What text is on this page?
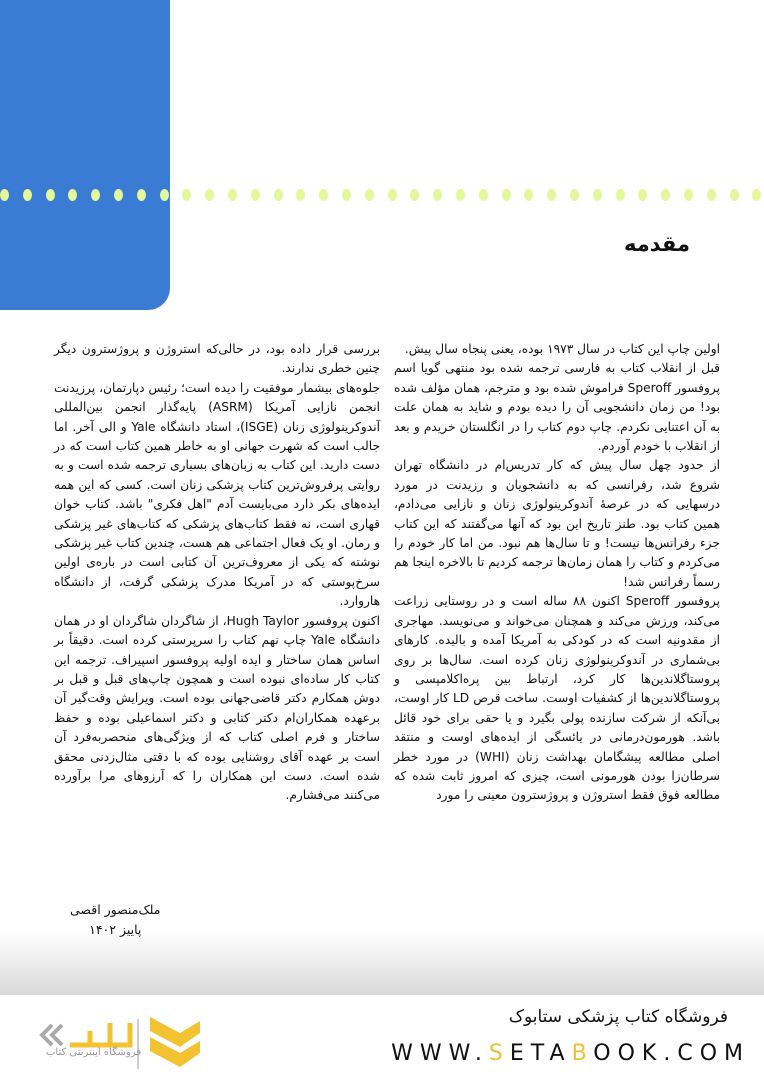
مقدمه

اولین چاپ این کتاب در سال ۱۹۷۳ بوده، یعنی پنجاه سال پیش.

قبل از انقلاب کتاب به فارسی ترجمه شده بود منتهی گویا اسم پروفسور Speroff فراموش شده بود و مترجم، همان مؤلف شده بود! من زمان دانشجویی آن را دیده بودم و شاید به همان علت به آن اعتنایی نکردم. چاپ دوم کتاب را در انگلستان خریدم و بعد از انقلاب با خودم آوردم.

از حدود چهل سال پیش که کار تدریس‌ام در دانشگاه تهران شروع شد، رفرانسی که به دانشجویان و رزیدنت در مورد درسهایی که در عرصهٔ آندوکرینولوژی زنان و نازایی می‌دادم، همین کتاب بود. طنز تاریخ این بود که آنها می‌گفتند که این کتاب جزء رفرانس‌ها نیست! و تا سال‌ها هم نبود. من اما کار خودم را می‌کردم و کتاب را همان زمان‌ها ترجمه کردیم تا بالاخره اینجا هم رسماً رفرانس شد!

پروفسور Speroff اکنون ۸۸ ساله است و در روستایی زراعت می‌کند، ورزش می‌کند و همچنان می‌خواند و می‌نویسد. مهاجری از مقدونیه است که در کودکی به آمریکا آمده و بالیده. کارهای بی‌شماری در آندوکرینولوژی زنان کرده است. سال‌ها بر روی پروستاگلاندین‌ها کار کرد، ارتباط بین پره‌اکلامپسی و پروستاگلاندین‌ها از کشفیات اوست. ساخت قرص LD کار اوست، بی‌آنکه از شرکت سازنده پولی بگیرد و یا حقی برای خود قائل باشد. هورمون‌درمانی در یائسگی از ایده‌های اوست و منتقد اصلی مطالعه پیشگامان بهداشت زنان (WHI) در مورد خطر سرطان‌زا بودن هورمونی است، چیزی که امروز ثابت شده که مطالعه فوق فقط استروژن و پروژسترون معینی را مورد

بررسی قرار داده بود، در حالی‌که استروژن و پروژسترون دیگر چنین خطری ندارند.

جلوه‌های بیشمار موفقیت را دیده است؛ رئیس دپارتمان، پرزیدنت انجمن نازایی آمریکا (ASRM) پایه‌گذار انجمن بین‌المللی آندوکرینولوژی زنان (ISGE)، استاد دانشگاه Yale و الی آخر. اما جالب است که شهرت جهانی او به خاطر همین کتاب است که در دست دارید. این کتاب به زبان‌های بسیاری ترجمه شده است و به روایتی پرفروش‌ترین کتاب پزشکی زنان است. کسی که این همه ایده‌های بکر دارد می‌بایست آدم "اهل فکری" باشد. کتاب خوان قهاری است، نه فقط کتاب‌های پزشکی که کتاب‌های غیر پزشکی و رمان. او یک فعال اجتماعی هم هست، چندین کتاب غیر پزشکی نوشته که یکی از معروف‌ترین آن کتابی است در باره‌ی اولین سرخ‌پوستی که در آمریکا مدرک پزشکی گرفت، از دانشگاه هاروارد.

اکنون پروفسور Hugh Taylor، از شاگردان شاگردان او در همان دانشگاه Yale چاپ نهم کتاب را سرپرستی کرده است. دقیقاً بر اساس همان ساختار و ایده اولیه پروفسور اسپیراف. ترجمه این کتاب کار ساده‌ای نبوده است و همچون چاپ‌های قبل و قبل بر دوش همکارم دکتر قاضی‌جهانی بوده است. ویرایش وقت‌گیر آن برعهده همکاران‌ام دکتر کتابی و دکتر اسماعیلی بوده و حفظ ساختار و فرم اصلی کتاب که از ویژگی‌های منحصربه‌فرد آن است بر عهده آقای روشنایی بوده که با دقتی مثال‌زدنی محقق شده است. دست این همکاران را که آرزوهای مرا برآورده می‌کنند می‌فشارم.

ملک‌منصور اقصی
پاییز ۱۴۰۲
فروشگاه کتاب پزشکی ستابوک
WWW.SETABOOK.COM
فروشگاه اینترنتی کتاب
